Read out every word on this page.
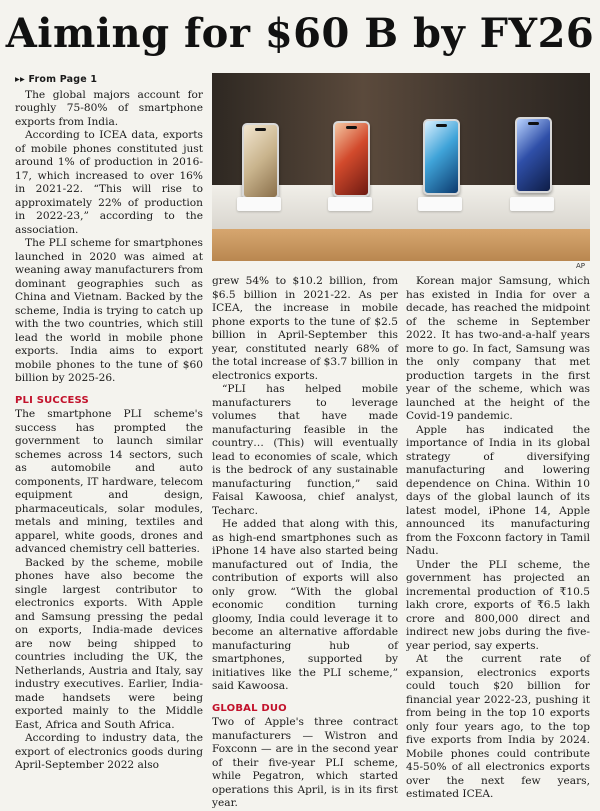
Aiming for $60 B by FY26
▸▸ From Page 1

The global majors account for roughly 75-80% of smartphone exports from India.

According to ICEA data, exports of mobile phones constituted just around 1% of production in 2016-17, which increased to over 16% in 2021-22. “This will rise to approximately 22% of production in 2022-23,” according to the association.

The PLI scheme for smartphones launched in 2020 was aimed at weaning away manufacturers from dominant geographies such as China and Vietnam. Backed by the scheme, India is trying to catch up with the two countries, which still lead the world in mobile phone exports. India aims to export mobile phones to the tune of $60 billion by 2025-26.

PLI SUCCESS

The smartphone PLI scheme's success has prompted the government to launch similar schemes across 14 sectors, such as automobile and auto components, IT hardware, telecom equipment and design, pharmaceuticals, solar modules, metals and mining, textiles and apparel, white goods, drones and advanced chemistry cell batteries.

Backed by the scheme, mobile phones have also become the single largest contributor to electronics exports. With Apple and Samsung pressing the pedal on exports, India-made devices are now being shipped to countries including the UK, the Netherlands, Austria and Italy, say industry executives. Earlier, India-made handsets were being exported mainly to the Middle East, Africa and South Africa.

According to industry data, the export of electronics goods during April-September 2022 also

AP

grew 54% to $10.2 billion, from $6.5 billion in 2021-22. As per ICEA, the increase in mobile phone exports to the tune of $2.5 billion in April-September this year, constituted nearly 68% of the total increase of $3.7 billion in electronics exports.

“PLI has helped mobile manufacturers to leverage volumes that have made manufacturing feasible in the country… (This) will eventually lead to economies of scale, which is the bedrock of any sustainable manufacturing function,” said Faisal Kawoosa, chief analyst, Techarc.

He added that along with this, as high-end smartphones such as iPhone 14 have also started being manufactured out of India, the contribution of exports will also only grow. “With the global economic condition turning gloomy, India could leverage it to become an alternative affordable manufacturing hub of smartphones, supported by initiatives like the PLI scheme,” said Kawoosa.

GLOBAL DUO

Two of Apple's three contract manufacturers — Wistron and Foxconn — are in the second year of their five-year PLI scheme, while Pegatron, which started operations this April, is in its first year.

Korean major Samsung, which has existed in India for over a decade, has reached the midpoint of the scheme in September 2022. It has two-and-a-half years more to go. In fact, Samsung was the only company that met production targets in the first year of the scheme, which was launched at the height of the Covid-19 pandemic.

Apple has indicated the importance of India in its global strategy of diversifying manufacturing and lowering dependence on China. Within 10 days of the global launch of its latest model, iPhone 14, Apple announced its manufacturing from the Foxconn factory in Tamil Nadu.

Under the PLI scheme, the government has projected an incremental production of ₹10.5 lakh crore, exports of ₹6.5 lakh crore and 800,000 direct and indirect new jobs during the five-year period, say experts.

At the current rate of expansion, electronics exports could touch $20 billion for financial year 2022-23, pushing it from being in the top 10 exports only four years ago, to the top five exports from India by 2024. Mobile phones could contribute 45-50% of all electronics exports over the next few years, estimated ICEA.
